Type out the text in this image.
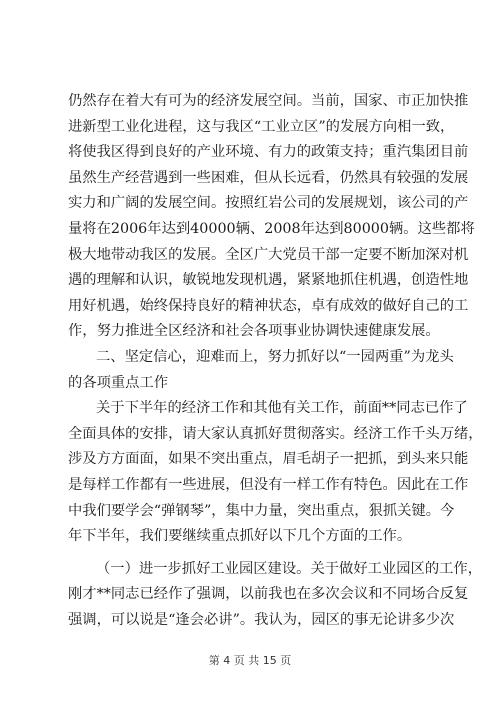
仍然存在着大有可为的经济发展空间。当前，国家、市正加快推
进新型工业化进程，这与我区“工业立区”的发展方向相一致，
将使我区得到良好的产业环境、有力的政策支持；重汽集团目前
虽然生产经营遇到一些困难，但从长远看，仍然具有较强的发展
实力和广阔的发展空间。按照红岩公司的发展规划，该公司的产
量将在2006年达到40000辆、2008年达到80000辆。这些都将
极大地带动我区的发展。全区广大党员干部一定要不断加深对机
遇的理解和认识，敏锐地发现机遇，紧紧地抓住机遇，创造性地
用好机遇，始终保持良好的精神状态，卓有成效的做好自己的工
作，努力推进全区经济和社会各项事业协调快速健康发展。
二、坚定信心，迎难而上，努力抓好以“一园两重”为龙头
的各项重点工作
关于下半年的经济工作和其他有关工作，前面**同志已作了
全面具体的安排，请大家认真抓好贯彻落实。经济工作千头万绪，
涉及方方面面，如果不突出重点，眉毛胡子一把抓，到头来只能
是每样工作都有一些进展，但没有一样工作有特色。因此在工作
中我们要学会“弹钢琴”，集中力量，突出重点，狠抓关键。今
年下半年，我们要继续重点抓好以下几个方面的工作。
（一）进一步抓好工业园区建设。关于做好工业园区的工作，
刚才**同志已经作了强调，以前我也在多次会议和不同场合反复
强调，可以说是“逢会必讲”。我认为，园区的事无论讲多少次
第 4 页 共 15 页
